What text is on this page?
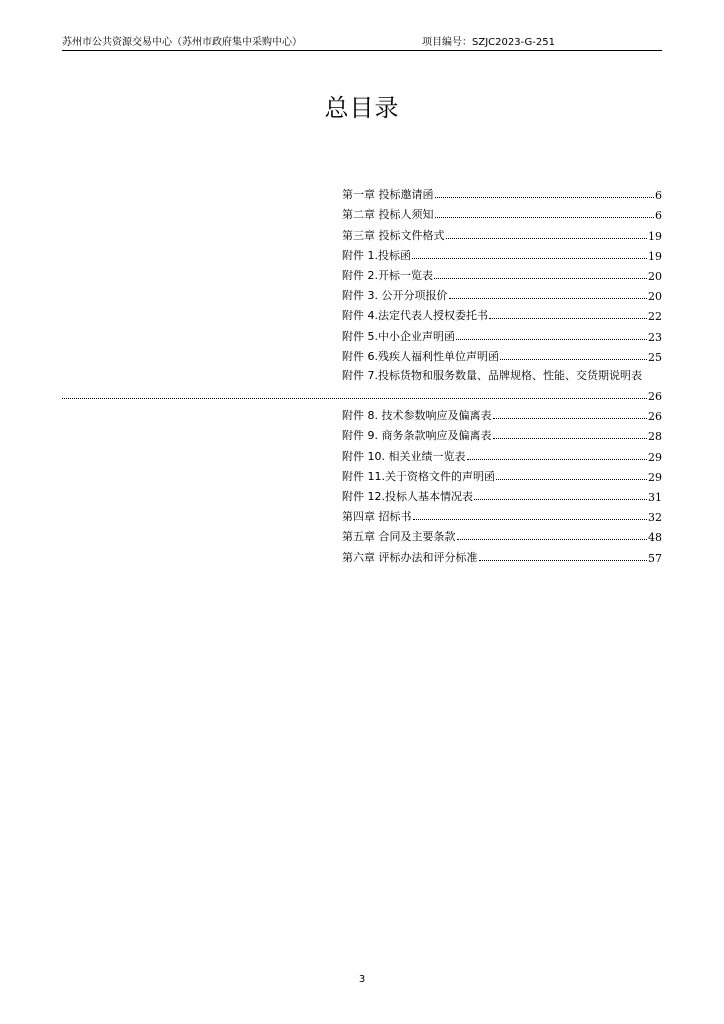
苏州市公共资源交易中心（苏州市政府集中采购中心）	项目编号：SZJC2023-G-251
总目录
第一章 投标邀请函	6
第二章 投标人须知	6
第三章 投标文件格式	19
附件 1.投标函	19
附件 2.开标一览表	20
附件 3. 公开分项报价	20
附件 4.法定代表人授权委托书	22
附件 5.中小企业声明函	23
附件 6.残疾人福利性单位声明函	25
附件 7.投标货物和服务数量、品牌规格、性能、交货期说明表
26
附件 8. 技术参数响应及偏离表	26
附件 9. 商务条款响应及偏离表	28
附件 10. 相关业绩一览表	29
附件 11.关于资格文件的声明函	29
附件 12.投标人基本情况表	31
第四章 招标书	32
第五章 合同及主要条款	48
第六章 评标办法和评分标准	57
3
